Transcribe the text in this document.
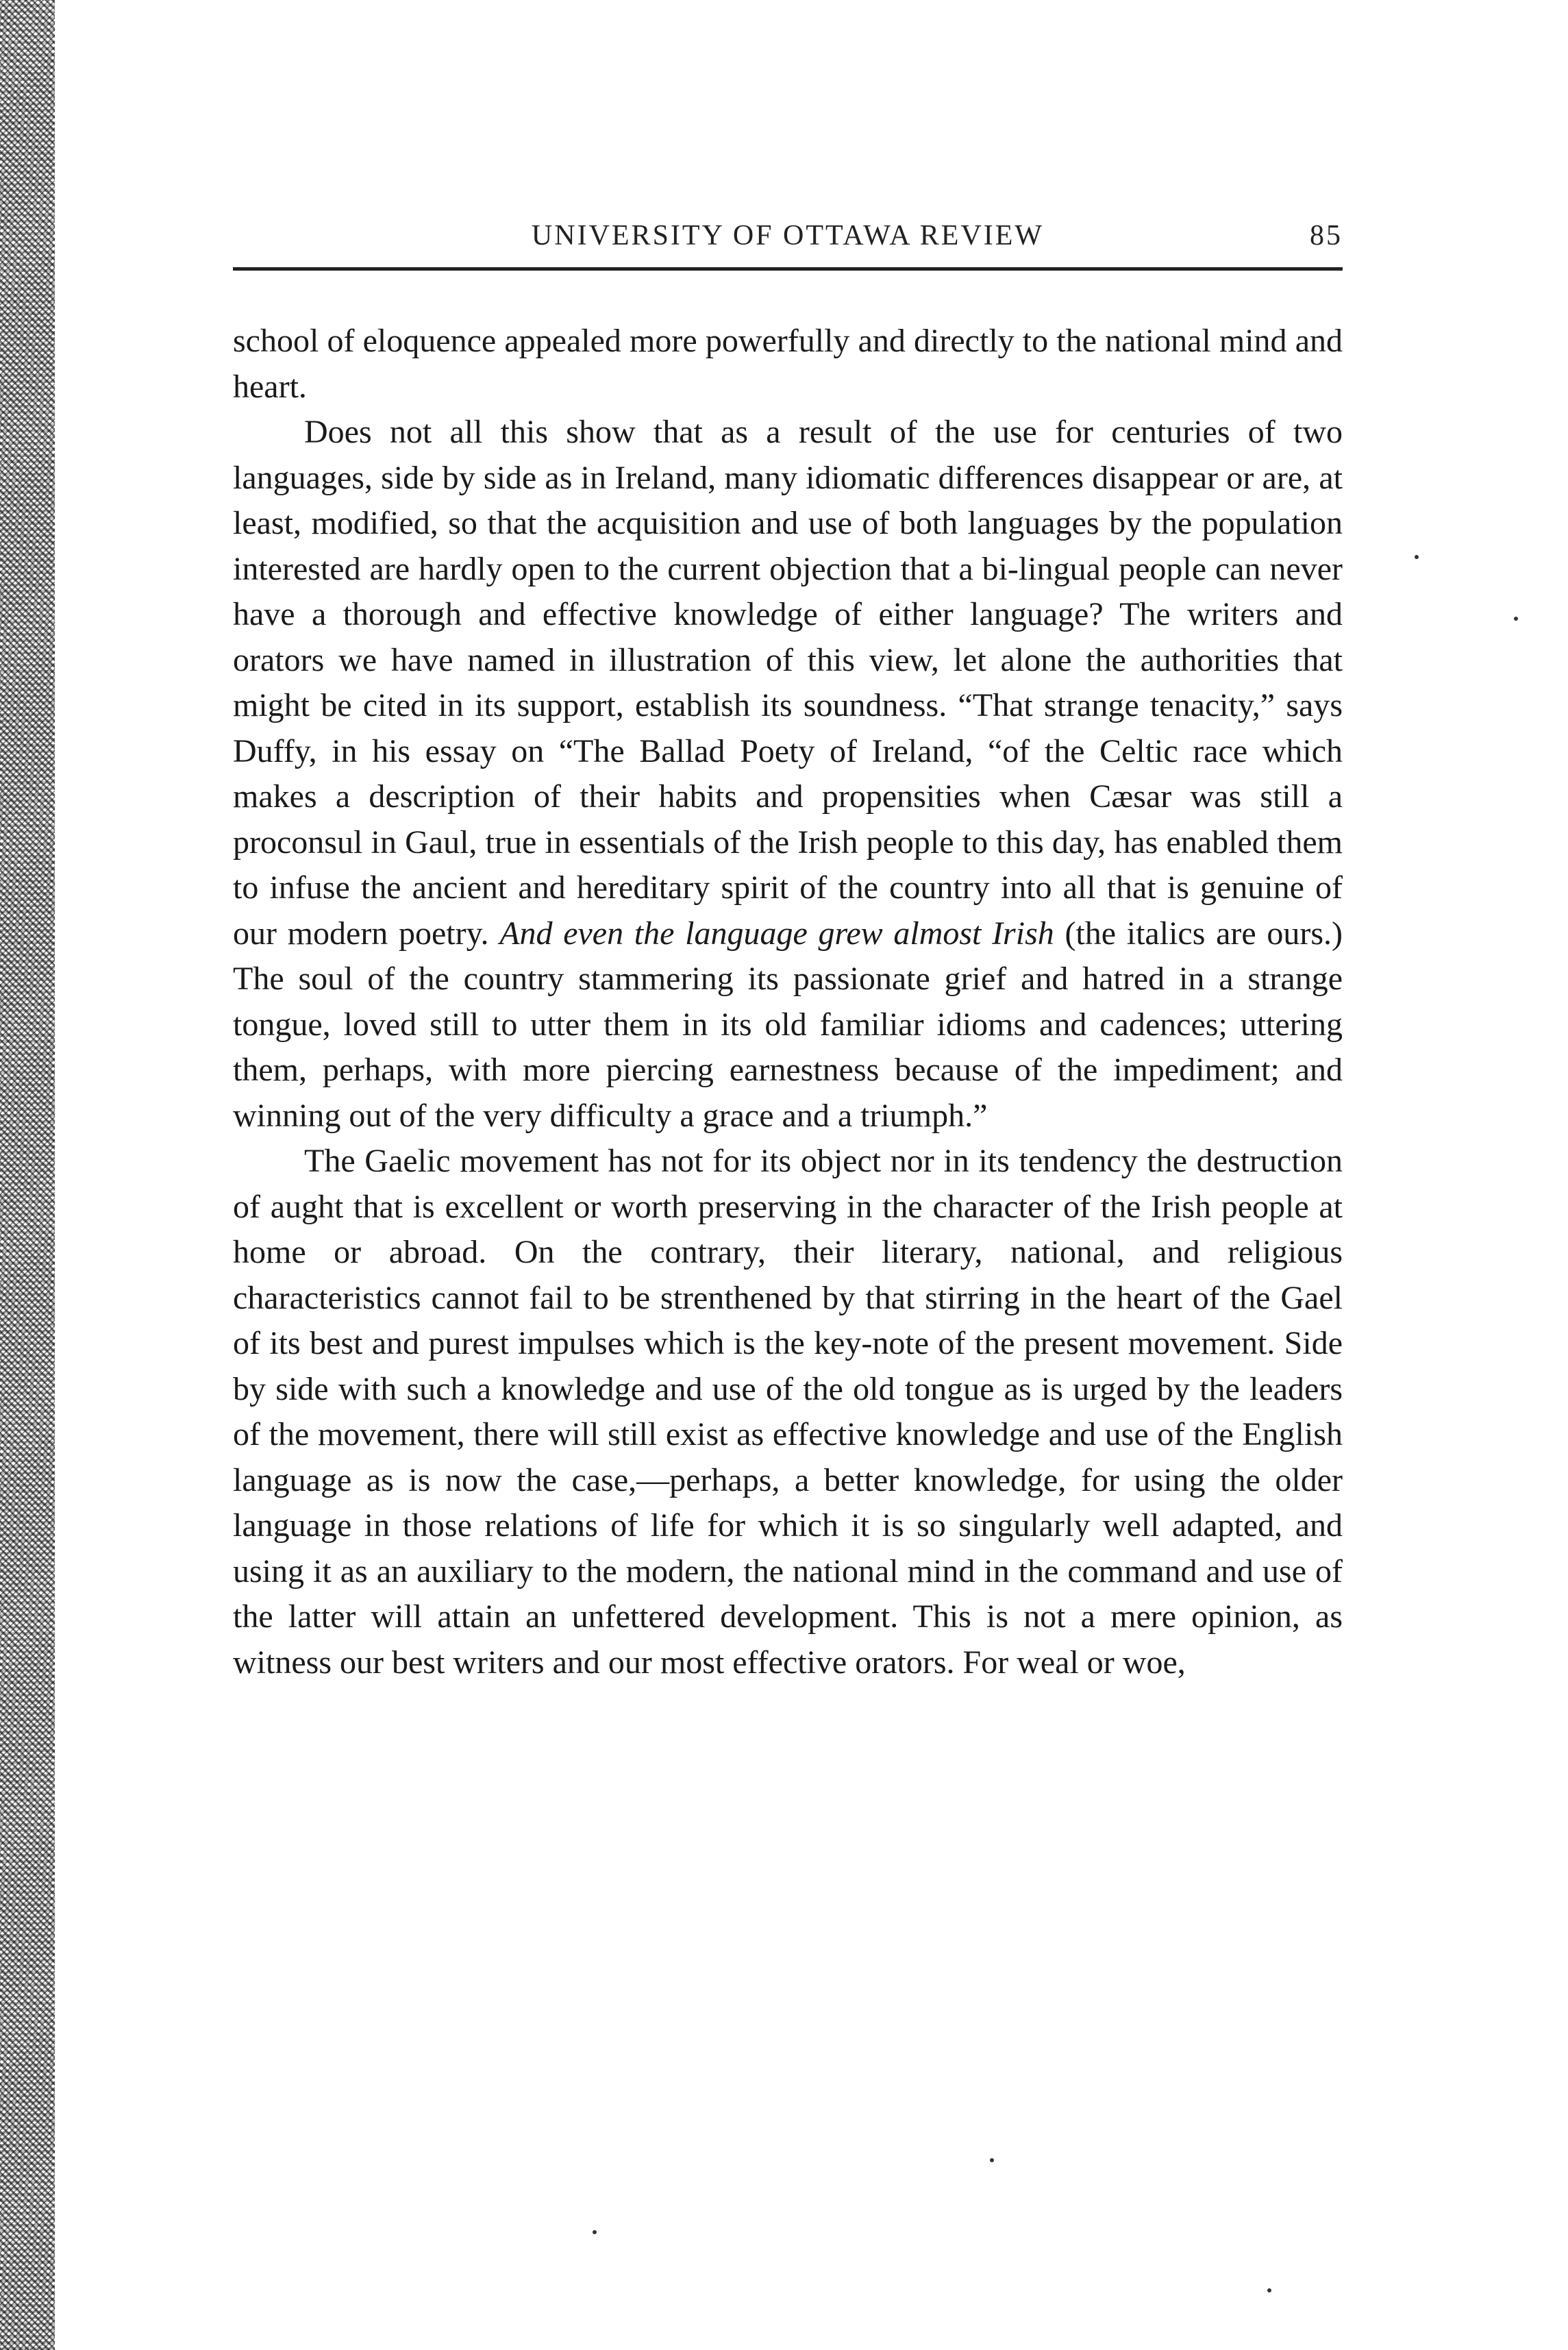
UNIVERSITY OF OTTAWA REVIEW	85

school of eloquence appealed more powerfully and directly to the national mind and heart.

Does not all this show that as a result of the use for centuries of two languages, side by side as in Ireland, many idiomatic differences disappear or are, at least, modified, so that the acquisition and use of both languages by the population interested are hardly open to the current objection that a bi-lingual people can never have a thorough and effective knowledge of either language? The writers and orators we have named in illustration of this view, let alone the authorities that might be cited in its support, establish its soundness. “That strange tenacity,” says Duffy, in his essay on “The Ballad Poety of Ireland, “of the Celtic race which makes a description of their habits and propensities when Cæsar was still a proconsul in Gaul, true in essentials of the Irish people to this day, has enabled them to infuse the ancient and hereditary spirit of the country into all that is genuine of our modern poetry. And even the language grew almost Irish (the italics are ours.) The soul of the country stammering its passionate grief and hatred in a strange tongue, loved still to utter them in its old familiar idioms and cadences; uttering them, perhaps, with more piercing earnestness because of the impediment; and winning out of the very difficulty a grace and a triumph.”

The Gaelic movement has not for its object nor in its tendency the destruction of aught that is excellent or worth preserving in the character of the Irish people at home or abroad. On the contrary, their literary, national, and religious characteristics cannot fail to be strenthened by that stirring in the heart of the Gael of its best and purest impulses which is the key-note of the present movement. Side by side with such a knowledge and use of the old tongue as is urged by the leaders of the movement, there will still exist as effective knowledge and use of the English language as is now the case,—perhaps, a better knowledge, for using the older language in those relations of life for which it is so singularly well adapted, and using it as an auxiliary to the modern, the national mind in the command and use of the latter will attain an unfettered development. This is not a mere opinion, as witness our best writers and our most effective orators. For weal or woe,
